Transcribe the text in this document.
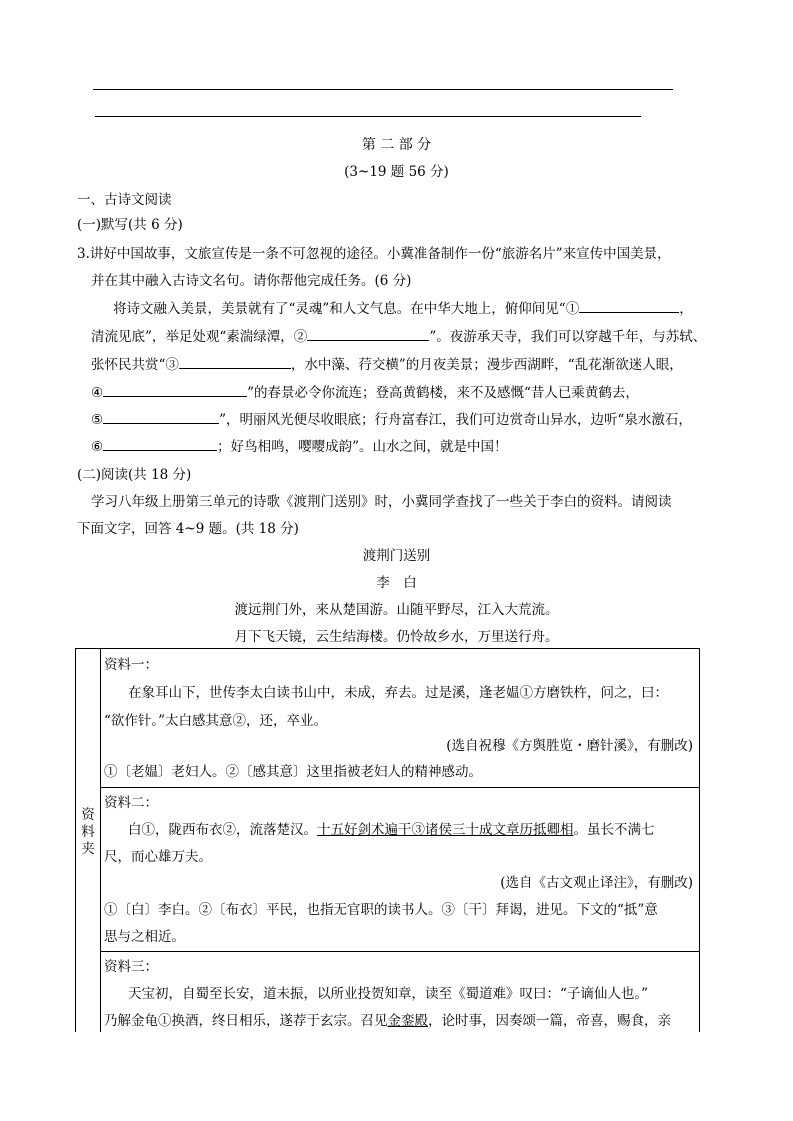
第 二 部 分
(3~19 题 56 分)
一、古诗文阅读
(一)默写(共 6 分)
3.讲好中国故事，文旅宣传是一条不可忽视的途径。小冀准备制作一份“旅游名片”来宣传中国美景，
并在其中融入古诗文名句。请你帮他完成任务。(6 分)
将诗文融入美景，美景就有了“灵魂”和人文气息。在中华大地上，俯仰间见“①	，
清流见底”，举足处观“素湍绿潭，②	”。夜游承天寺，我们可以穿越千年，与苏轼、
张怀民共赏“③	，水中藻、荇交横”的月夜美景；漫步西湖畔，“乱花渐欲迷人眼，
④	”的春景必令你流连；登高黄鹤楼，来不及感慨“昔人已乘黄鹤去，
⑤	”，明丽风光便尽收眼底；行舟富春江，我们可边赏奇山异水，边听“泉水激石，
⑥	；好鸟相鸣，嘤嘤成韵”。山水之间，就是中国！
(二)阅读(共 18 分)
学习八年级上册第三单元的诗歌《渡荆门送别》时，小冀同学查找了一些关于李白的资料。请阅读
下面文字，回答 4~9 题。(共 18 分)
渡荆门送别
李　白
渡远荆门外，来从楚国游。山随平野尽，江入大荒流。
月下飞天镜，云生结海楼。仍怜故乡水，万里送行舟。
资料夹
资料一：
在象耳山下，世传李太白读书山中，未成，弃去。过是溪，逢老媪①方磨铁杵，问之，曰：
“欲作针。”太白感其意②，还，卒业。
(选自祝穆《方舆胜览・磨针溪》，有删改)
①〔老媪〕老妇人。②〔感其意〕这里指被老妇人的精神感动。
资料二：
白①，陇西布衣②，流落楚汉。十五好剑术遍干③诸侯三十成文章历抵卿相。虽长不满七
尺，而心雄万夫。
(选自《古文观止译注》，有删改)
①〔白〕李白。②〔布衣〕平民，也指无官职的读书人。③〔干〕拜谒，进见。下文的“抵”意
思与之相近。
资料三：
天宝初，自蜀至长安，道未振，以所业投贺知章，读至《蜀道难》叹曰：“子谪仙人也。”
乃解金龟①换酒，终日相乐，遂荐于玄宗。召见金銮殿，论时事，因奏颂一篇，帝喜，赐食，亲
